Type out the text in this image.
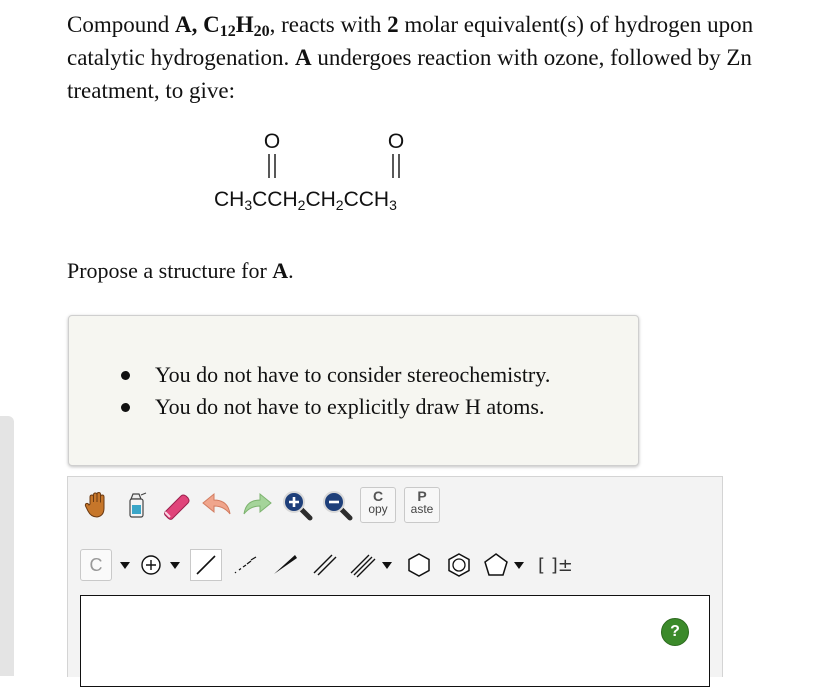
Compound A, $C_{12}H_{20}$, reacts with 2 molar equivalent(s) of hydrogen upon catalytic hydrogenation. A undergoes reaction with ozone, followed by Zn treatment, to give:
O	O
CH3CCH2CH2CCH3
Propose a structure for A.
You do not have to consider stereochemistry.
You do not have to explicitly draw H atoms.
C
opy
P
aste
C	[ ]±
?
